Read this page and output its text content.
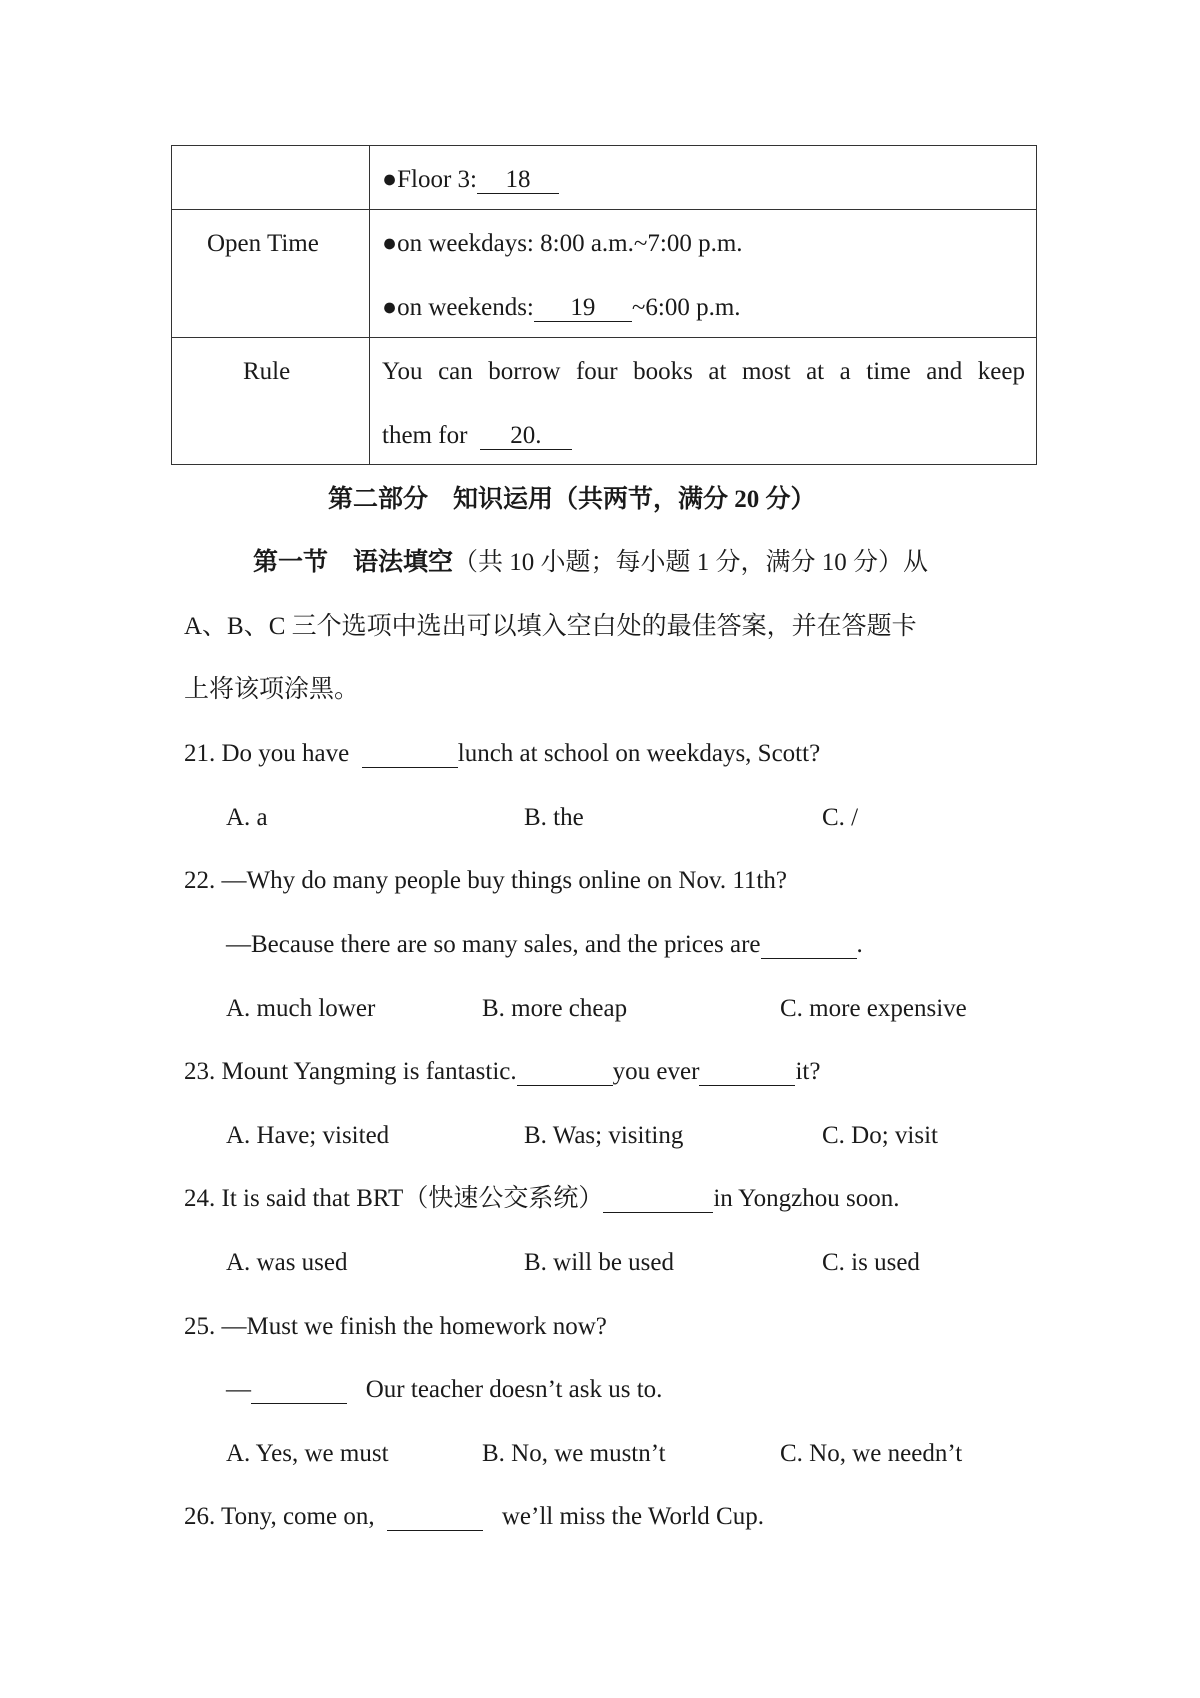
●Floor 3: 18
Open Time	●on weekdays: 8:00 a.m.~7:00 p.m.
●on weekends: 19 ~6:00 p.m.
Rule	You can borrow four books at most at a time and keep
them for 20.
第二部分　知识运用（共两节，满分 20 分）
第一节　语法填空（共 10 小题；每小题 1 分，满分 10 分）从
A、B、C 三个选项中选出可以填入空白处的最佳答案，并在答题卡
上将该项涂黑。
21. Do you have	lunch at school on weekdays, Scott?
A. a	B. the	C. /
22. —Why do many people buy things online on Nov. 11th?
—Because there are so many sales, and the prices are	.
A. much lower	B. more cheap	C. more expensive
23. Mount Yangming is fantastic.	you ever	it?
A. Have; visited	B. Was; visiting	C. Do; visit
24. It is said that BRT（快速公交系统）	in Yongzhou soon.
A. was used	B. will be used	C. is used
25. —Must we finish the homework now?
—	Our teacher doesn’t ask us to.
A. Yes, we must	B. No, we mustn’t	C. No, we needn’t
26. Tony, come on,	we’ll miss the World Cup.
